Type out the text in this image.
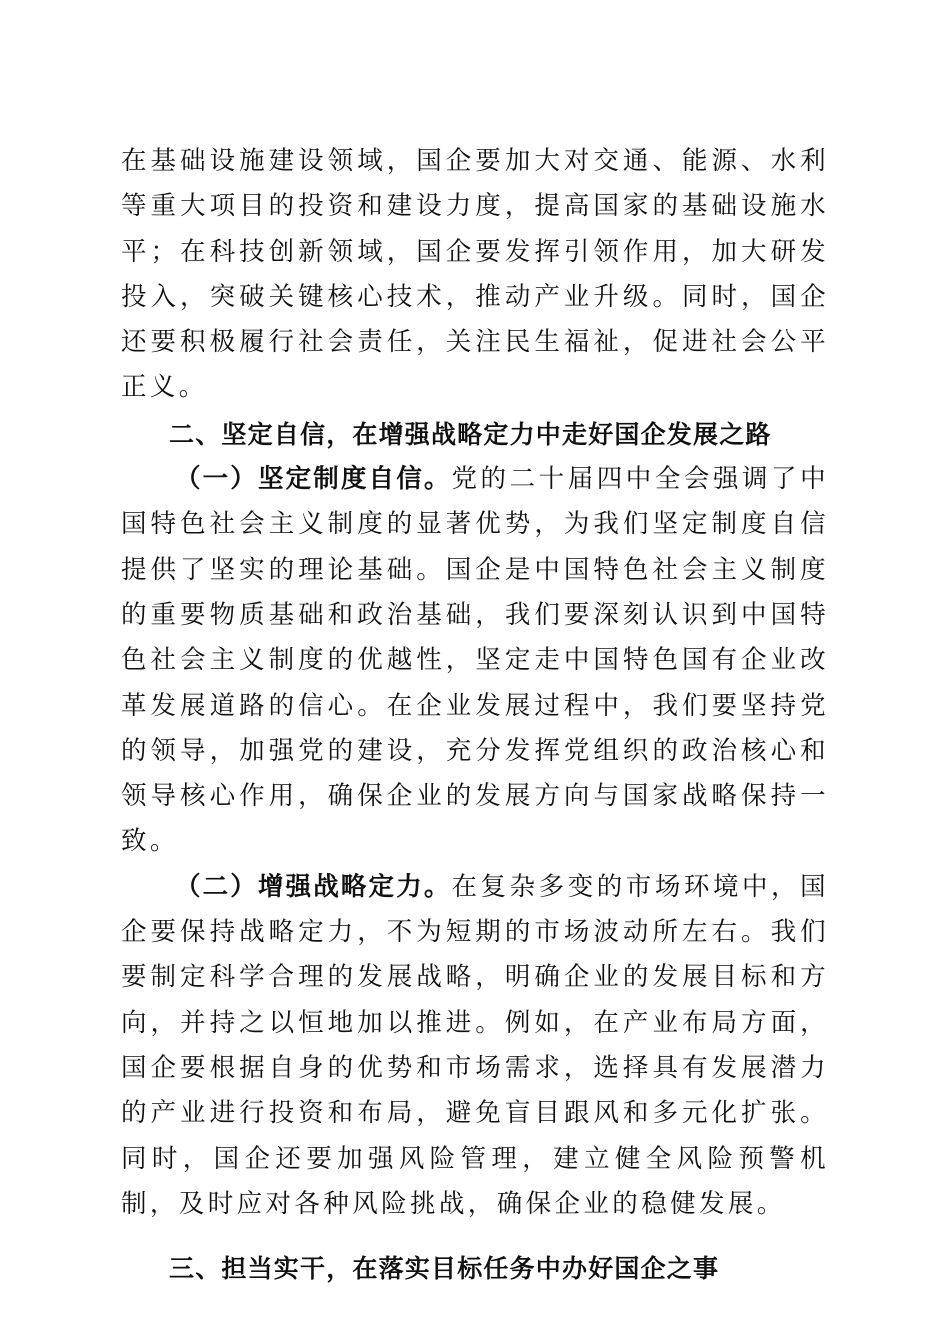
在基础设施建设领域，国企要加大对交通、能源、水利等重大项目的投资和建设力度，提高国家的基础设施水平；在科技创新领域，国企要发挥引领作用，加大研发投入，突破关键核心技术，推动产业升级。同时，国企还要积极履行社会责任，关注民生福祉，促进社会公平正义。

二、坚定自信，在增强战略定力中走好国企发展之路

（一）坚定制度自信。党的二十届四中全会强调了中国特色社会主义制度的显著优势，为我们坚定制度自信提供了坚实的理论基础。国企是中国特色社会主义制度的重要物质基础和政治基础，我们要深刻认识到中国特色社会主义制度的优越性，坚定走中国特色国有企业改革发展道路的信心。在企业发展过程中，我们要坚持党的领导，加强党的建设，充分发挥党组织的政治核心和领导核心作用，确保企业的发展方向与国家战略保持一致。

（二）增强战略定力。在复杂多变的市场环境中，国企要保持战略定力，不为短期的市场波动所左右。我们要制定科学合理的发展战略，明确企业的发展目标和方向，并持之以恒地加以推进。例如，在产业布局方面，国企要根据自身的优势和市场需求，选择具有发展潜力的产业进行投资和布局，避免盲目跟风和多元化扩张。同时，国企还要加强风险管理，建立健全风险预警机制，及时应对各种风险挑战，确保企业的稳健发展。

三、担当实干，在落实目标任务中办好国企之事
